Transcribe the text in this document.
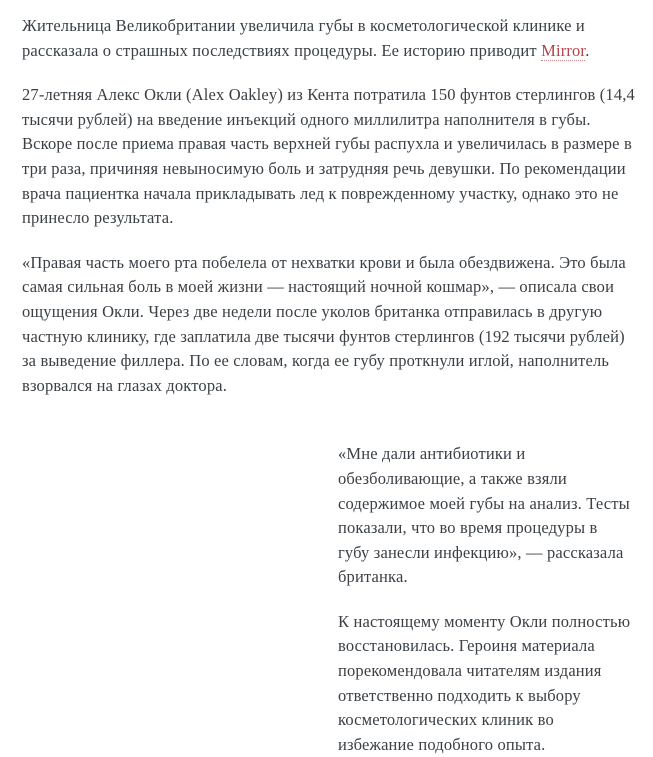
Жительница Великобритании увеличила губы в косметологической клинике и рассказала о страшных последствиях процедуры. Ее историю приводит Mirror.

27-летняя Алекс Окли (Alex Oakley) из Кента потратила 150 фунтов стерлингов (14,4 тысячи рублей) на введение инъекций одного миллилитра наполнителя в губы. Вскоре после приема правая часть верхней губы распухла и увеличилась в размере в три раза, причиняя невыносимую боль и затрудняя речь девушки. По рекомендации врача пациентка начала прикладывать лед к поврежденному участку, однако это не принесло результата.

«Правая часть моего рта побелела от нехватки крови и была обездвижена. Это была самая сильная боль в моей жизни — настоящий ночной кошмар», — описала свои ощущения Окли. Через две недели после уколов британка отправилась в другую частную клинику, где заплатила две тысячи фунтов стерлингов (192 тысячи рублей) за выведение филлера. По ее словам, когда ее губу проткнули иглой, наполнитель взорвался на глазах доктора.

«Мне дали антибиотики и обезболивающие, а также взяли содержимое моей губы на анализ. Тесты показали, что во время процедуры в губу занесли инфекцию», — рассказала британка.

К настоящему моменту Окли полностью восстановилась. Героиня материала порекомендовала читателям издания ответственно подходить к выбору косметологических клиник во избежание подобного опыта.
